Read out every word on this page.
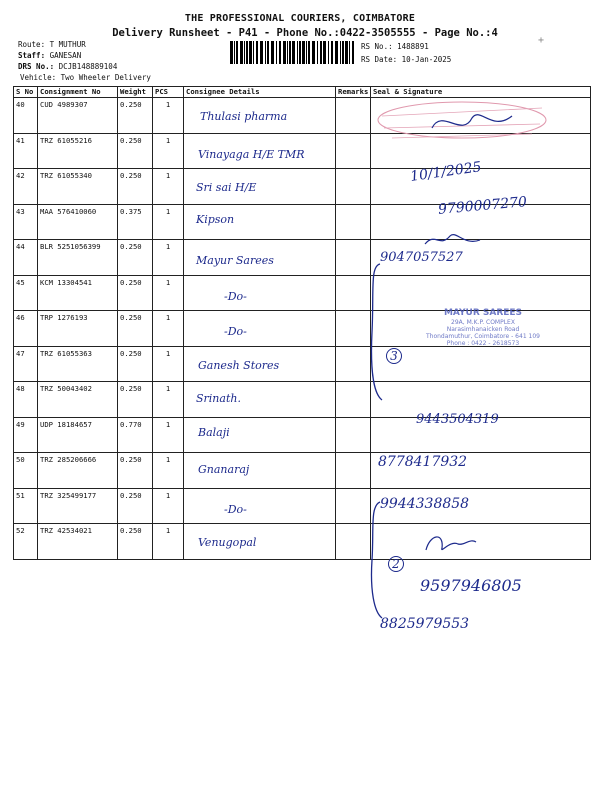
THE PROFESSIONAL COURIERS, COIMBATORE
Delivery Runsheet - P41 - Phone No.:0422-3505555 - Page No.:4
Route: T MUTHUR
Staff: GANESAN
DRS No.: DCJB148889104
Vehicle: Two Wheeler Delivery
RS No.: 1488891
RS Date: 10-Jan-2025
+
S No	Consignment No	Weight	PCS	Consignee Details	Remarks	Seal & Signature
40	CUD 4989307	0.250	1	Thulasi pharma		

41	TRZ 61055216	0.250	1	Vinayaga H/E TMR		

42	TRZ 61055340	0.250	1	Sri sai H/E		

43	MAA 576410060	0.375	1	Kipson		

44	BLR 5251056399	0.250	1	Mayur Sarees		

45	KCM 13304541	0.250	1	-Do-		

46	TRP 1276193	0.250	1	-Do-		

47	TRZ 61055363	0.250	1	Ganesh Stores		

48	TRZ 50043402	0.250	1	Srinath.		

49	UDP 18184657	0.770	1	Balaji		

50	TRZ 285206666	0.250	1	Gnanaraj		

51	TRZ 325499177	0.250	1	-Do-		

52	TRZ 42534021	0.250	1	Venugopal		

10/1/2025
9790007270
9047057527
9443504319
8778417932
9944338858
9597946805
8825979553
3
2
MAYUR SAREES
29A, M.K.P. COMPLEX
Narasimhanaicken Road
Thondamuthur, Coimbatore - 641 109
Phone : 0422 - 2618573
